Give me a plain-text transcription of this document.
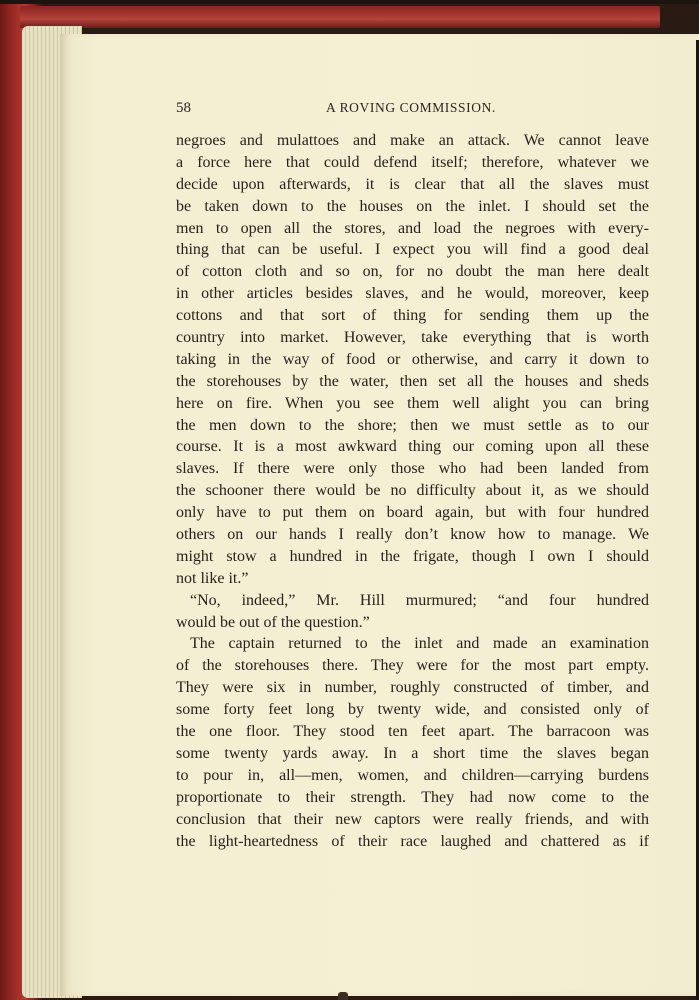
58	A ROVING COMMISSION.
negroes and mulattoes and make an attack. We cannot leave
a force here that could defend itself; therefore, whatever we
decide upon afterwards, it is clear that all the slaves must
be taken down to the houses on the inlet. I should set the
men to open all the stores, and load the negroes with every-
thing that can be useful. I expect you will find a good deal
of cotton cloth and so on, for no doubt the man here dealt
in other articles besides slaves, and he would, moreover, keep
cottons and that sort of thing for sending them up the
country into market. However, take everything that is worth
taking in the way of food or otherwise, and carry it down to
the storehouses by the water, then set all the houses and sheds
here on fire. When you see them well alight you can bring
the men down to the shore; then we must settle as to our
course. It is a most awkward thing our coming upon all these
slaves. If there were only those who had been landed from
the schooner there would be no difficulty about it, as we should
only have to put them on board again, but with four hundred
others on our hands I really don’t know how to manage. We
might stow a hundred in the frigate, though I own I should
not like it.”
“No, indeed,” Mr. Hill murmured; “and four hundred
would be out of the question.”
The captain returned to the inlet and made an examination
of the storehouses there. They were for the most part empty.
They were six in number, roughly constructed of timber, and
some forty feet long by twenty wide, and consisted only of
the one floor. They stood ten feet apart. The barracoon was
some twenty yards away. In a short time the slaves began
to pour in, all—men, women, and children—carrying burdens
proportionate to their strength. They had now come to the
conclusion that their new captors were really friends, and with
the light-heartedness of their race laughed and chattered as if
